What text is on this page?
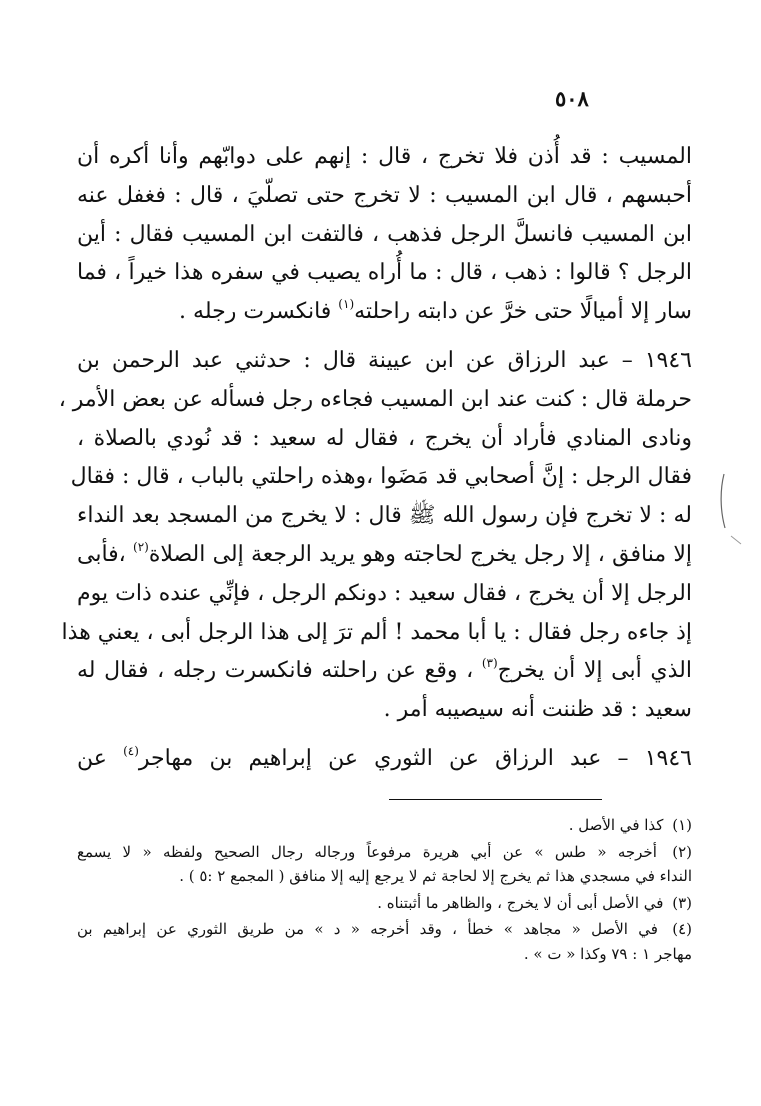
٥٠٨

المسيب : قد أُذن فلا تخرج ، قال : إنهم على دوابّهم وأنا أكره أن
أحبسهم ، قال ابن المسيب : لا تخرج حتى تصلّيَ ، قال : فغفل عنه
ابن المسيب فانسلَّ الرجل فذهب ، فالتفت ابن المسيب فقال : أين
الرجل ؟ قالوا : ذهب ، قال : ما أُراه يصيب في سفره هذا خيراً ، فما
سار إلا أميالًا حتى خرَّ عن دابته راحلته$^{(١)}$ فانكسرت رجله .

١٩٤٦ – عبد الرزاق عن ابن عيينة قال : حدثني عبد الرحمن بن
حرملة قال : كنت عند ابن المسيب فجاءه رجل فسأله عن بعض الأمر ،
ونادى المنادي فأراد أن يخرج ، فقال له سعيد : قد نُودي بالصلاة ،
فقال الرجل : إنَّ أصحابي قد مَضَوا ،وهذه راحلتي بالباب ، قال : فقال
له : لا تخرج فإن رسول الله ﷺ قال : لا يخرج من المسجد بعد النداء
إلا منافق ، إلا رجل يخرج لحاجته وهو يريد الرجعة إلى الصلاة$^{(٢)}$ ،فأبى
الرجل إلا أن يخرج ، فقال سعيد : دونكم الرجل ، فإنِّي عنده ذات يوم
إذ جاءه رجل فقال : يا أبا محمد ! ألم ترَ إلى هذا الرجل أبى ، يعني هذا
الذي أبى إلا أن يخرج$^{(٣)}$ ، وقع عن راحلته فانكسرت رجله ، فقال له
سعيد : قد ظننت أنه سيصيبه أمر .

١٩٤٦ – عبد الرزاق عن الثوري عن إبراهيم بن مهاجر$^{(٤)}$ عن

(١) كذا في الأصل .
(٢) أخرجه « طس » عن أبي هريرة مرفوعاً ورجاله رجال الصحيح ولفظه « لا يسمع
النداء في مسجدي هذا ثم يخرج إلا لحاجة ثم لا يرجع إليه إلا منافق ( المجمع ٢ :٥ ) .
(٣) في الأصل أبى أن لا يخرج ، والظاهر ما أثبتناه .
(٤) في الأصل « مجاهد » خطأ ، وقد أخرجه « د » من طريق الثوري عن إبراهيم بن
مهاجر ١ : ٧٩ وكذا « ت » .
